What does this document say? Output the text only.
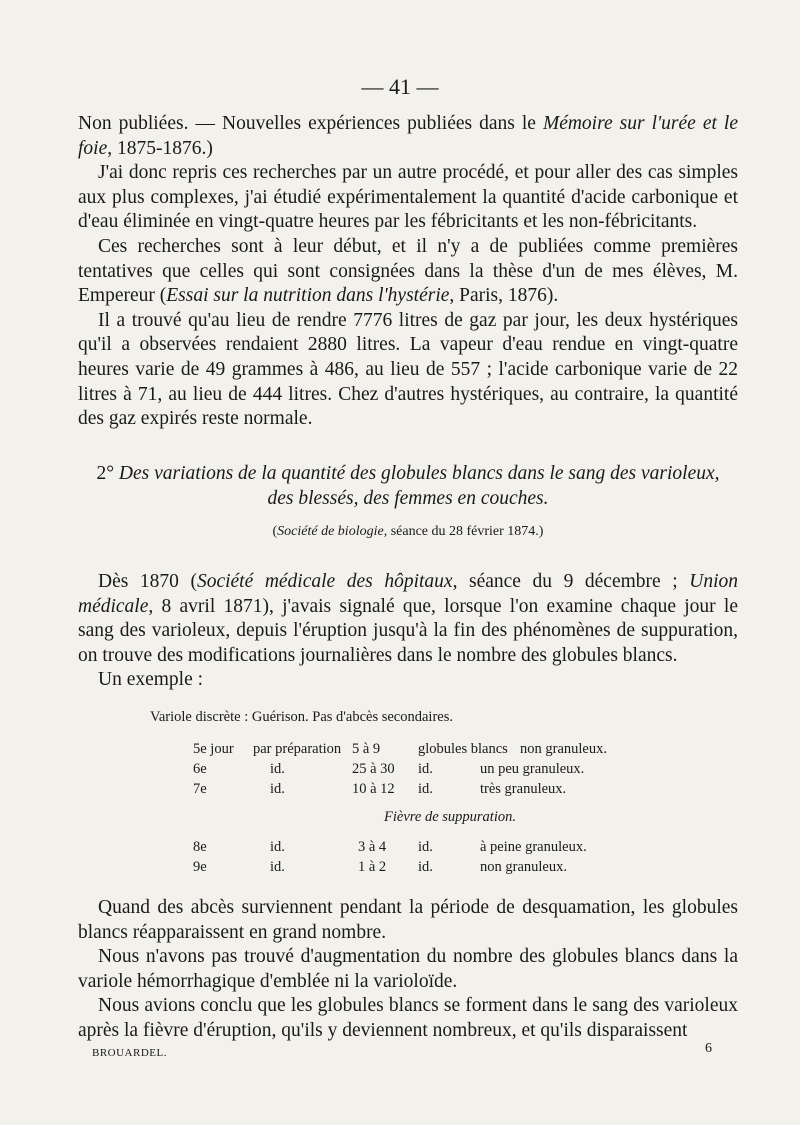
— 41 —

Non publiées. — Nouvelles expériences publiées dans le Mémoire sur l'urée et le foie, 1875-1876.)

J'ai donc repris ces recherches par un autre procédé, et pour aller des cas simples aux plus complexes, j'ai étudié expérimentalement la quantité d'acide carbonique et d'eau éliminée en vingt-quatre heures par les fébricitants et les non-fébricitants.

Ces recherches sont à leur début, et il n'y a de publiées comme premières tentatives que celles qui sont consignées dans la thèse d'un de mes élèves, M. Empereur (Essai sur la nutrition dans l'hystérie, Paris, 1876).

Il a trouvé qu'au lieu de rendre 7776 litres de gaz par jour, les deux hystériques qu'il a observées rendaient 2880 litres. La vapeur d'eau rendue en vingt-quatre heures varie de 49 grammes à 486, au lieu de 557 ; l'acide carbonique varie de 22 litres à 71, au lieu de 444 litres. Chez d'autres hystériques, au contraire, la quantité des gaz expirés reste normale.

2° Des variations de la quantité des globules blancs dans le sang des varioleux,
des blessés, des femmes en couches.
(Société de biologie, séance du 28 février 1874.)

Dès 1870 (Société médicale des hôpitaux, séance du 9 décembre ; Union médicale, 8 avril 1871), j'avais signalé que, lorsque l'on examine chaque jour le sang des varioleux, depuis l'éruption jusqu'à la fin des phénomènes de suppuration, on trouve des modifications journalières dans le nombre des globules blancs.

Un exemple :

Variole discrète : Guérison. Pas d'abcès secondaires.
5e jour par préparation 5 à 9	globules blancs non granuleux.
6e	id.	25 à 30 id.	un peu granuleux.
7e	id.	10 à 12 id.	très granuleux.
Fièvre de suppuration.
8e	id.	3 à 4 id.	à peine granuleux.
9e	id.	1 à 2 id.	non granuleux.

Quand des abcès surviennent pendant la période de desquamation, les globules blancs réapparaissent en grand nombre.

Nous n'avons pas trouvé d'augmentation du nombre des globules blancs dans la variole hémorrhagique d'emblée ni la varioloïde.

Nous avions conclu que les globules blancs se forment dans le sang des varioleux après la fièvre d'éruption, qu'ils y deviennent nombreux, et qu'ils disparaissent

BROUARDEL.	6
